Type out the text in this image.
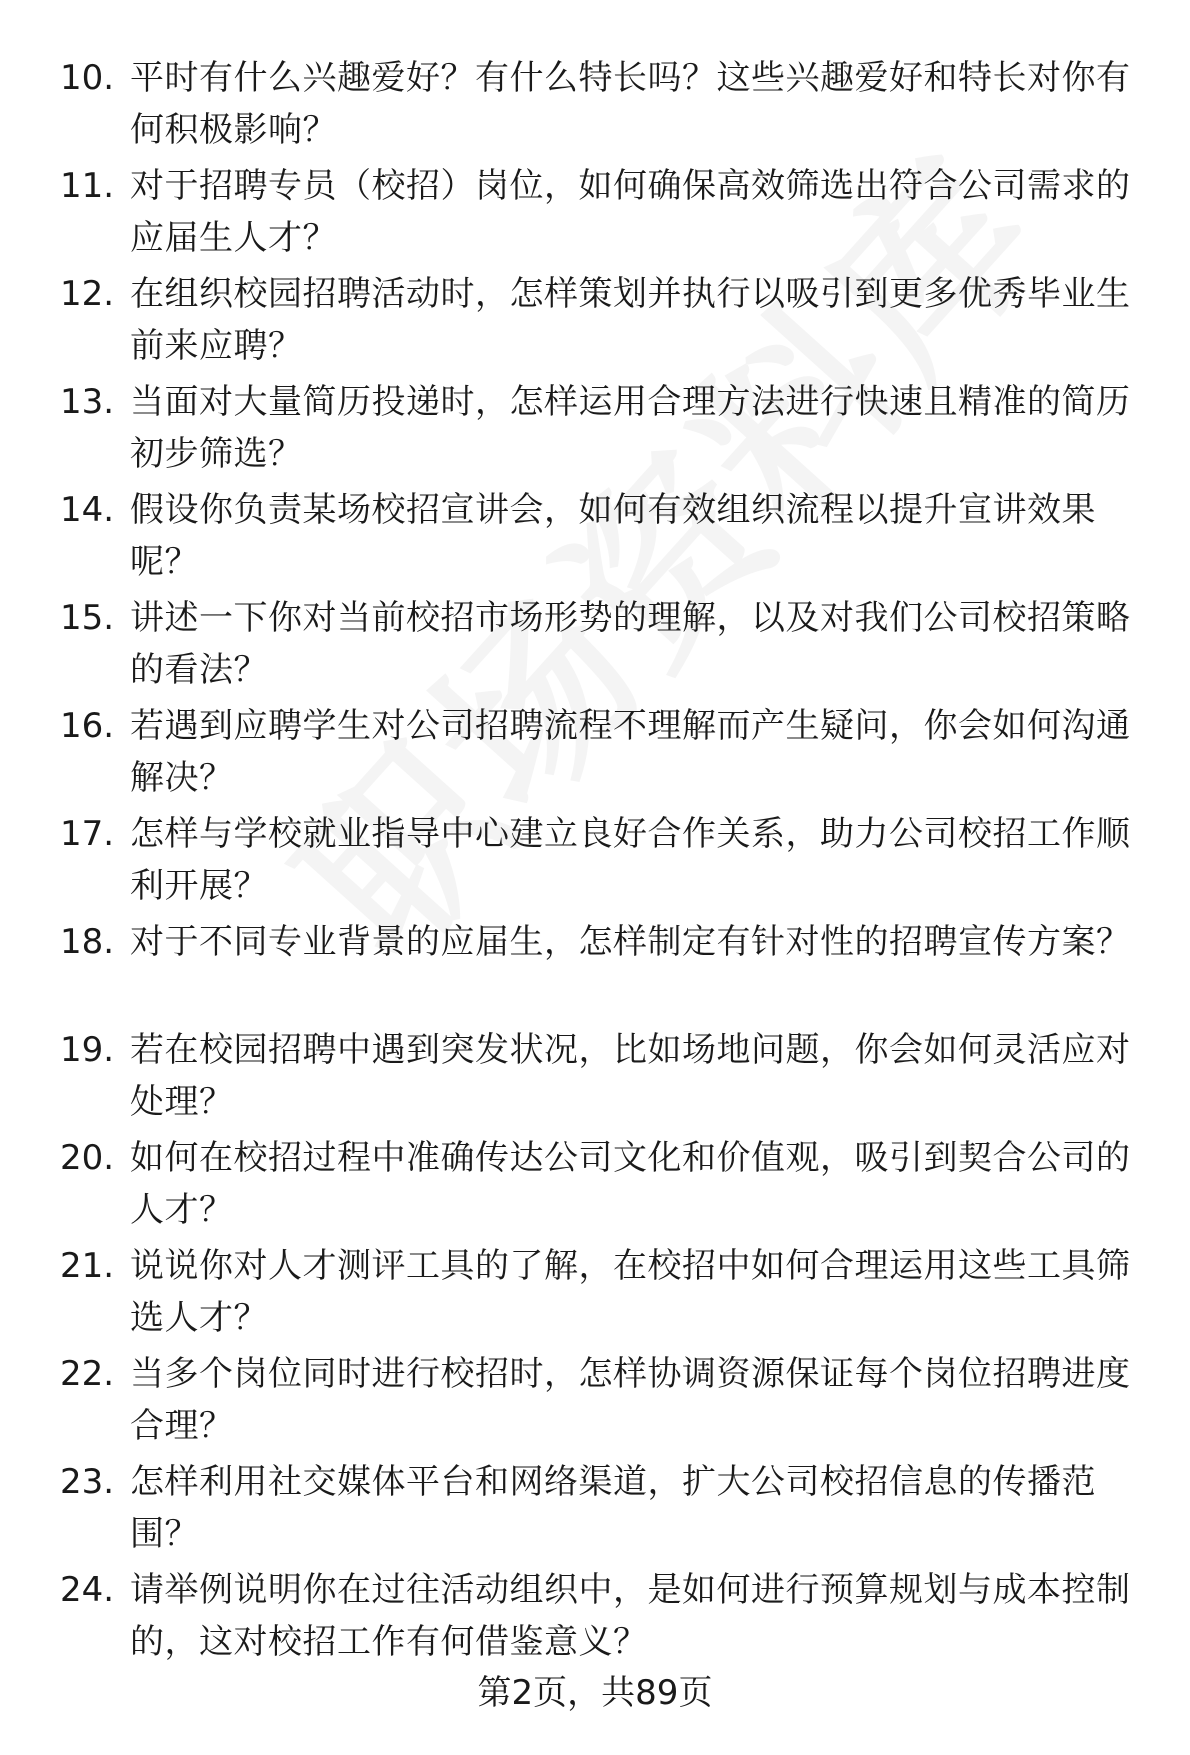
10. 平时有什么兴趣爱好？有什么特长吗？这些兴趣爱好和特长对你有何积极影响？
11. 对于招聘专员（校招）岗位，如何确保高效筛选出符合公司需求的应届生人才？
12. 在组织校园招聘活动时，怎样策划并执行以吸引到更多优秀毕业生前来应聘？
13. 当面对大量简历投递时，怎样运用合理方法进行快速且精准的简历初步筛选？
14. 假设你负责某场校招宣讲会，如何有效组织流程以提升宣讲效果呢？
15. 讲述一下你对当前校招市场形势的理解，以及对我们公司校招策略的看法？
16. 若遇到应聘学生对公司招聘流程不理解而产生疑问，你会如何沟通解决？
17. 怎样与学校就业指导中心建立良好合作关系，助力公司校招工作顺利开展？
18. 对于不同专业背景的应届生，怎样制定有针对性的招聘宣传方案？
19. 若在校园招聘中遇到突发状况，比如场地问题，你会如何灵活应对处理？
20. 如何在校招过程中准确传达公司文化和价值观，吸引到契合公司的人才？
21. 说说你对人才测评工具的了解，在校招中如何合理运用这些工具筛选人才？
22. 当多个岗位同时进行校招时，怎样协调资源保证每个岗位招聘进度合理？
23. 怎样利用社交媒体平台和网络渠道，扩大公司校招信息的传播范围？
24. 请举例说明你在过往活动组织中，是如何进行预算规划与成本控制的，这对校招工作有何借鉴意义？
第2页，共89页
